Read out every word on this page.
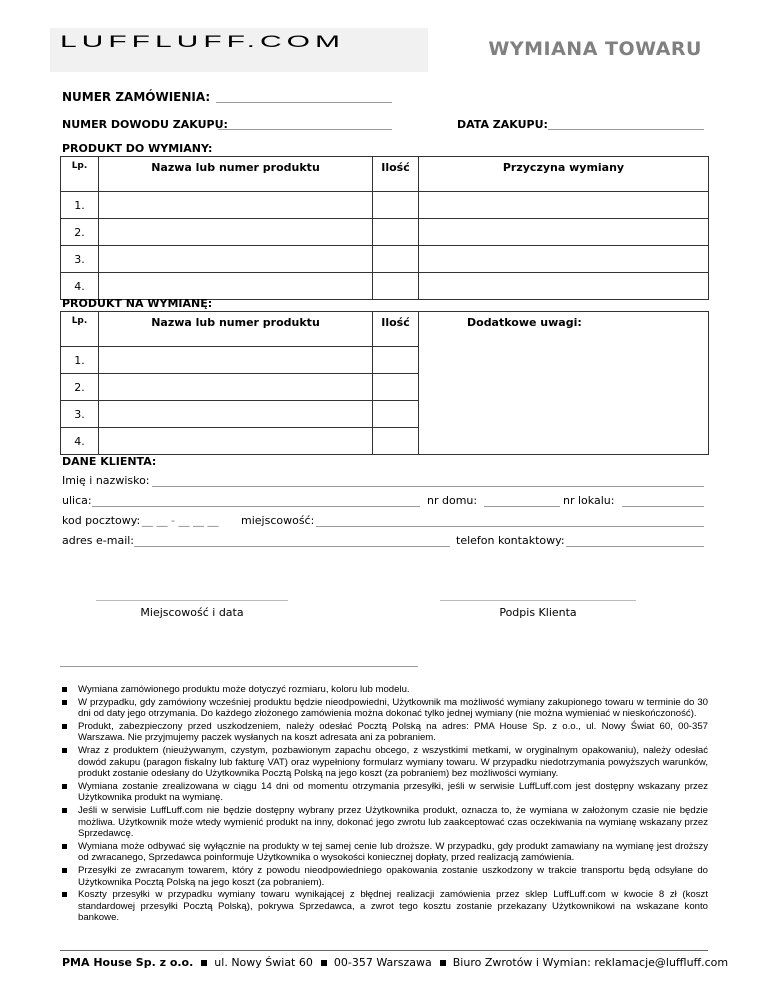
LUFFLUFF.COM	WYMIANA TOWARU
NUMER ZAMÓWIENIA:
NUMER DOWODU ZAKUPU:	DATA ZAKUPU:
PRODUKT DO WYMIANY:
Lp.	Nazwa lub numer produktu	Ilość	Przyczyna wymiany
1.			
2.			
3.			
4.			
PRODUKT NA WYMIANĘ:
Lp.	Nazwa lub numer produktu	Ilość	Dodatkowe uwagi:
1.			
2.			
3.			
4.			
DANE KLIENTA:
Imię i nazwisko:
ulica:	nr domu:	nr lokalu:
kod pocztowy: __ __ - __ __ __ miejscowość:
adres e-mail:	telefon kontaktowy:
Miejscowość i data	Podpis Klienta
Wymiana zamówionego produktu może dotyczyć rozmiaru, koloru lub modelu.
W przypadku, gdy zamówiony wcześniej produktu będzie nieodpowiedni, Użytkownik ma możliwość wymiany zakupionego towaru w terminie do 30 dni od daty jego otrzymania. Do każdego złożonego zamówienia można dokonać tylko jednej wymiany (nie można wymieniać w nieskończoność).
Produkt, zabezpieczony przed uszkodzeniem, należy odesłać Pocztą Polską na adres: PMA House Sp. z o.o., ul. Nowy Świat 60, 00-357 Warszawa. Nie przyjmujemy paczek wysłanych na koszt adresata ani za pobraniem.
Wraz z produktem (nieużywanym, czystym, pozbawionym zapachu obcego, z wszystkimi metkami, w oryginalnym opakowaniu), należy odesłać dowód zakupu (paragon fiskalny lub fakturę VAT) oraz wypełniony formularz wymiany towaru. W przypadku niedotrzymania powyższych warunków, produkt zostanie odesłany do Użytkownika Pocztą Polską na jego koszt (za pobraniem) bez możliwości wymiany.
Wymiana zostanie zrealizowana w ciągu 14 dni od momentu otrzymania przesyłki, jeśli w serwisie LuffLuff.com jest dostępny wskazany przez Użytkownika produkt na wymianę.
Jeśli w serwisie LuffLuff.com nie będzie dostępny wybrany przez Użytkownika produkt, oznacza to, że wymiana w założonym czasie nie będzie możliwa. Użytkownik może wtedy wymienić produkt na inny, dokonać jego zwrotu lub zaakceptować czas oczekiwania na wymianę wskazany przez Sprzedawcę.
Wymiana może odbywać się wyłącznie na produkty w tej samej cenie lub droższe. W przypadku, gdy produkt zamawiany na wymianę jest droższy od zwracanego, Sprzedawca poinformuje Użytkownika o wysokości koniecznej dopłaty, przed realizacją zamówienia.
Przesyłki ze zwracanym towarem, który z powodu nieodpowiedniego opakowania zostanie uszkodzony w trakcie transportu będą odsyłane do Użytkownika Pocztą Polską na jego koszt (za pobraniem).
Koszty przesyłki w przypadku wymiany towaru wynikającej z błędnej realizacji zamówienia przez sklep LuffLuff.com w kwocie 8 zł (koszt standardowej przesyłki Pocztą Polską), pokrywa Sprzedawca, a zwrot tego kosztu zostanie przekazany Użytkownikowi na wskazane konto bankowe.
PMA House Sp. z o.o. ul. Nowy Świat 60 00-357 Warszawa Biuro Zwrotów i Wymian: reklamacje@luffluff.com
